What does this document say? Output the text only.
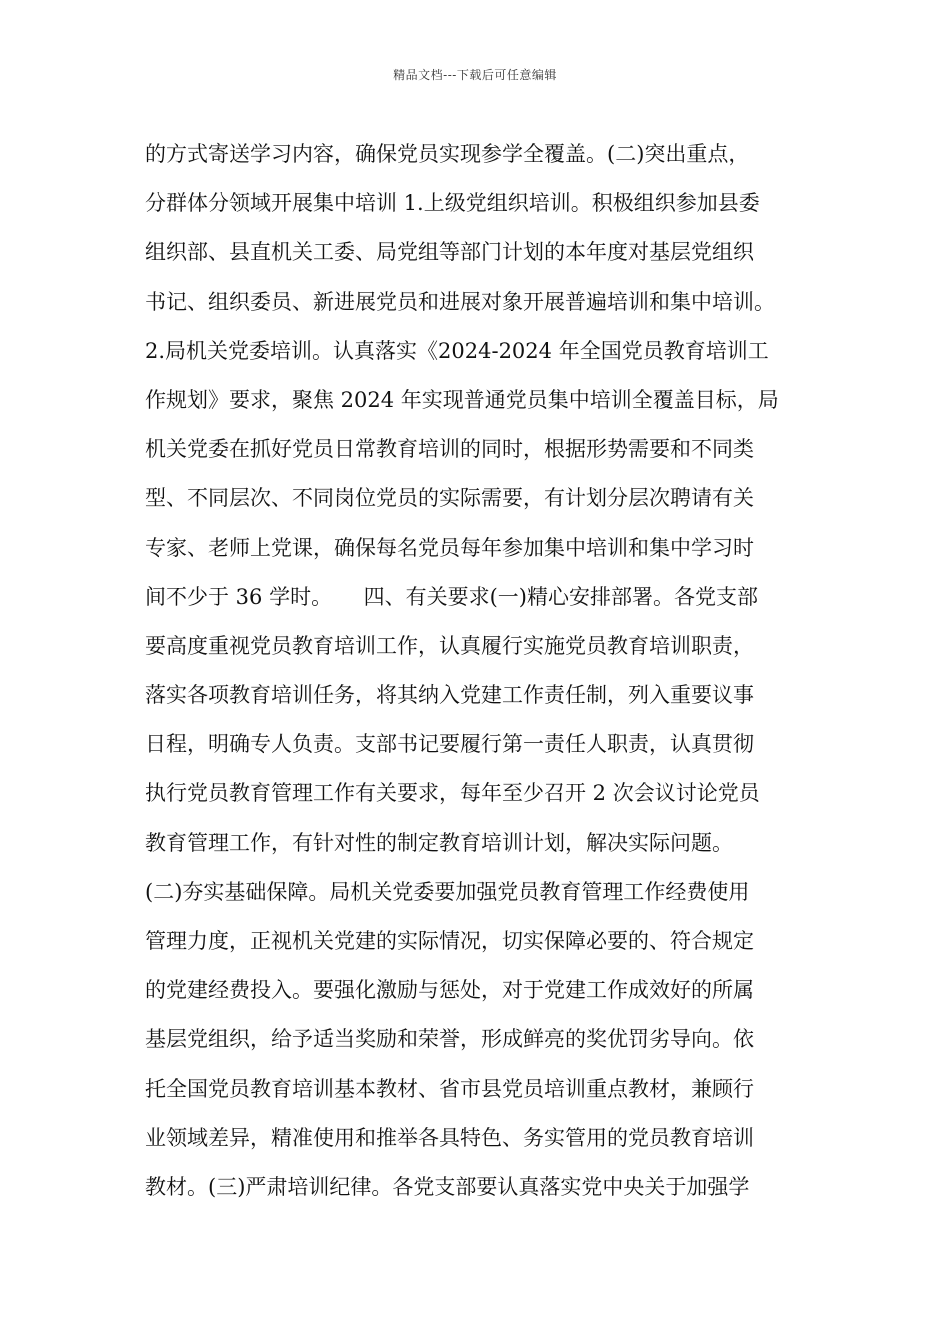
精品文档---下载后可任意编辑
的方式寄送学习内容，确保党员实现参学全覆盖。(二)突出重点，
分群体分领域开展集中培训 1.上级党组织培训。积极组织参加县委
组织部、县直机关工委、局党组等部门计划的本年度对基层党组织
书记、组织委员、新进展党员和进展对象开展普遍培训和集中培训。
2.局机关党委培训。认真落实《2024-2024 年全国党员教育培训工
作规划》要求，聚焦 2024 年实现普通党员集中培训全覆盖目标，局
机关党委在抓好党员日常教育培训的同时，根据形势需要和不同类
型、不同层次、不同岗位党员的实际需要，有计划分层次聘请有关
专家、老师上党课，确保每名党员每年参加集中培训和集中学习时
间不少于 36 学时。　　四、有关要求(一)精心安排部署。各党支部
要高度重视党员教育培训工作，认真履行实施党员教育培训职责，
落实各项教育培训任务，将其纳入党建工作责任制，列入重要议事
日程，明确专人负责。支部书记要履行第一责任人职责，认真贯彻
执行党员教育管理工作有关要求，每年至少召开 2 次会议讨论党员
教育管理工作，有针对性的制定教育培训计划，解决实际问题。
(二)夯实基础保障。局机关党委要加强党员教育管理工作经费使用
管理力度，正视机关党建的实际情况，切实保障必要的、符合规定
的党建经费投入。要强化激励与惩处，对于党建工作成效好的所属
基层党组织，给予适当奖励和荣誉，形成鲜亮的奖优罚劣导向。依
托全国党员教育培训基本教材、省市县党员培训重点教材，兼顾行
业领域差异，精准使用和推举各具特色、务实管用的党员教育培训
教材。(三)严肃培训纪律。各党支部要认真落实党中央关于加强学
